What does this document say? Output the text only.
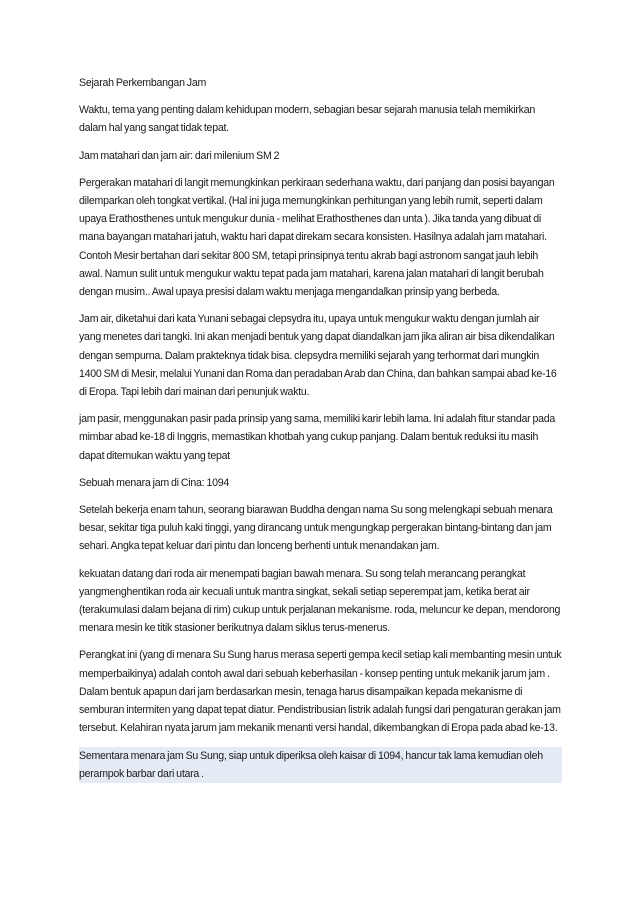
Sejarah Perkembangan Jam

Waktu, tema yang penting dalam kehidupan modern, sebagian besar sejarah manusia telah memikirkan dalam hal yang sangat tidak tepat.

Jam matahari dan jam air: dari milenium SM 2

Pergerakan matahari di langit memungkinkan perkiraan sederhana waktu, dari panjang dan posisi bayangan dilemparkan oleh tongkat vertikal. (Hal ini juga memungkinkan perhitungan yang lebih rumit, seperti dalam upaya Erathosthenes untuk mengukur dunia - melihat Erathosthenes dan unta ). Jika tanda yang dibuat di mana bayangan matahari jatuh, waktu hari dapat direkam secara konsisten. Hasilnya adalah jam matahari. Contoh Mesir bertahan dari sekitar 800 SM, tetapi prinsipnya tentu akrab bagi astronom sangat jauh lebih awal. Namun sulit untuk mengukur waktu tepat pada jam matahari, karena jalan matahari di langit berubah dengan musim.. Awal upaya presisi dalam waktu menjaga mengandalkan prinsip yang berbeda.

Jam air, diketahui dari kata Yunani sebagai clepsydra itu, upaya untuk mengukur waktu dengan jumlah air yang menetes dari tangki. Ini akan menjadi bentuk yang dapat diandalkan jam jika aliran air bisa dikendalikan dengan sempurna. Dalam prakteknya tidak bisa. clepsydra memiliki sejarah yang terhormat dari mungkin 1400 SM di Mesir, melalui Yunani dan Roma dan peradaban Arab dan China, dan bahkan sampai abad ke-16 di Eropa. Tapi lebih dari mainan dari penunjuk waktu.

jam pasir, menggunakan pasir pada prinsip yang sama, memiliki karir lebih lama. Ini adalah fitur standar pada mimbar abad ke-18 di Inggris, memastikan khotbah yang cukup panjang. Dalam bentuk reduksi itu masih dapat ditemukan waktu yang tepat

Sebuah menara jam di Cina: 1094

Setelah bekerja enam tahun, seorang biarawan Buddha dengan nama Su song melengkapi sebuah menara besar, sekitar tiga puluh kaki tinggi, yang dirancang untuk mengungkap pergerakan bintang-bintang dan jam sehari. Angka tepat keluar dari pintu dan lonceng berhenti untuk menandakan jam.

kekuatan datang dari roda air menempati bagian bawah menara. Su song telah merancang perangkat yangmenghentikan roda air kecuali untuk mantra singkat, sekali setiap seperempat jam, ketika berat air (terakumulasi dalam bejana di rim) cukup untuk perjalanan mekanisme. roda, meluncur ke depan, mendorong menara mesin ke titik stasioner berikutnya dalam siklus terus-menerus.

Perangkat ini (yang di menara Su Sung harus merasa seperti gempa kecil setiap kali membanting mesin untuk memperbaikinya) adalah contoh awal dari sebuah keberhasilan - konsep penting untuk mekanik jarum jam . Dalam bentuk apapun dari jam berdasarkan mesin, tenaga harus disampaikan kepada mekanisme di semburan intermiten yang dapat tepat diatur. Pendistribusian listrik adalah fungsi dari pengaturan gerakan jam tersebut. Kelahiran nyata jarum jam mekanik menanti versi handal, dikembangkan di Eropa pada abad ke-13.

Sementara menara jam Su Sung, siap untuk diperiksa oleh kaisar di 1094, hancur tak lama kemudian oleh perampok barbar dari utara .
